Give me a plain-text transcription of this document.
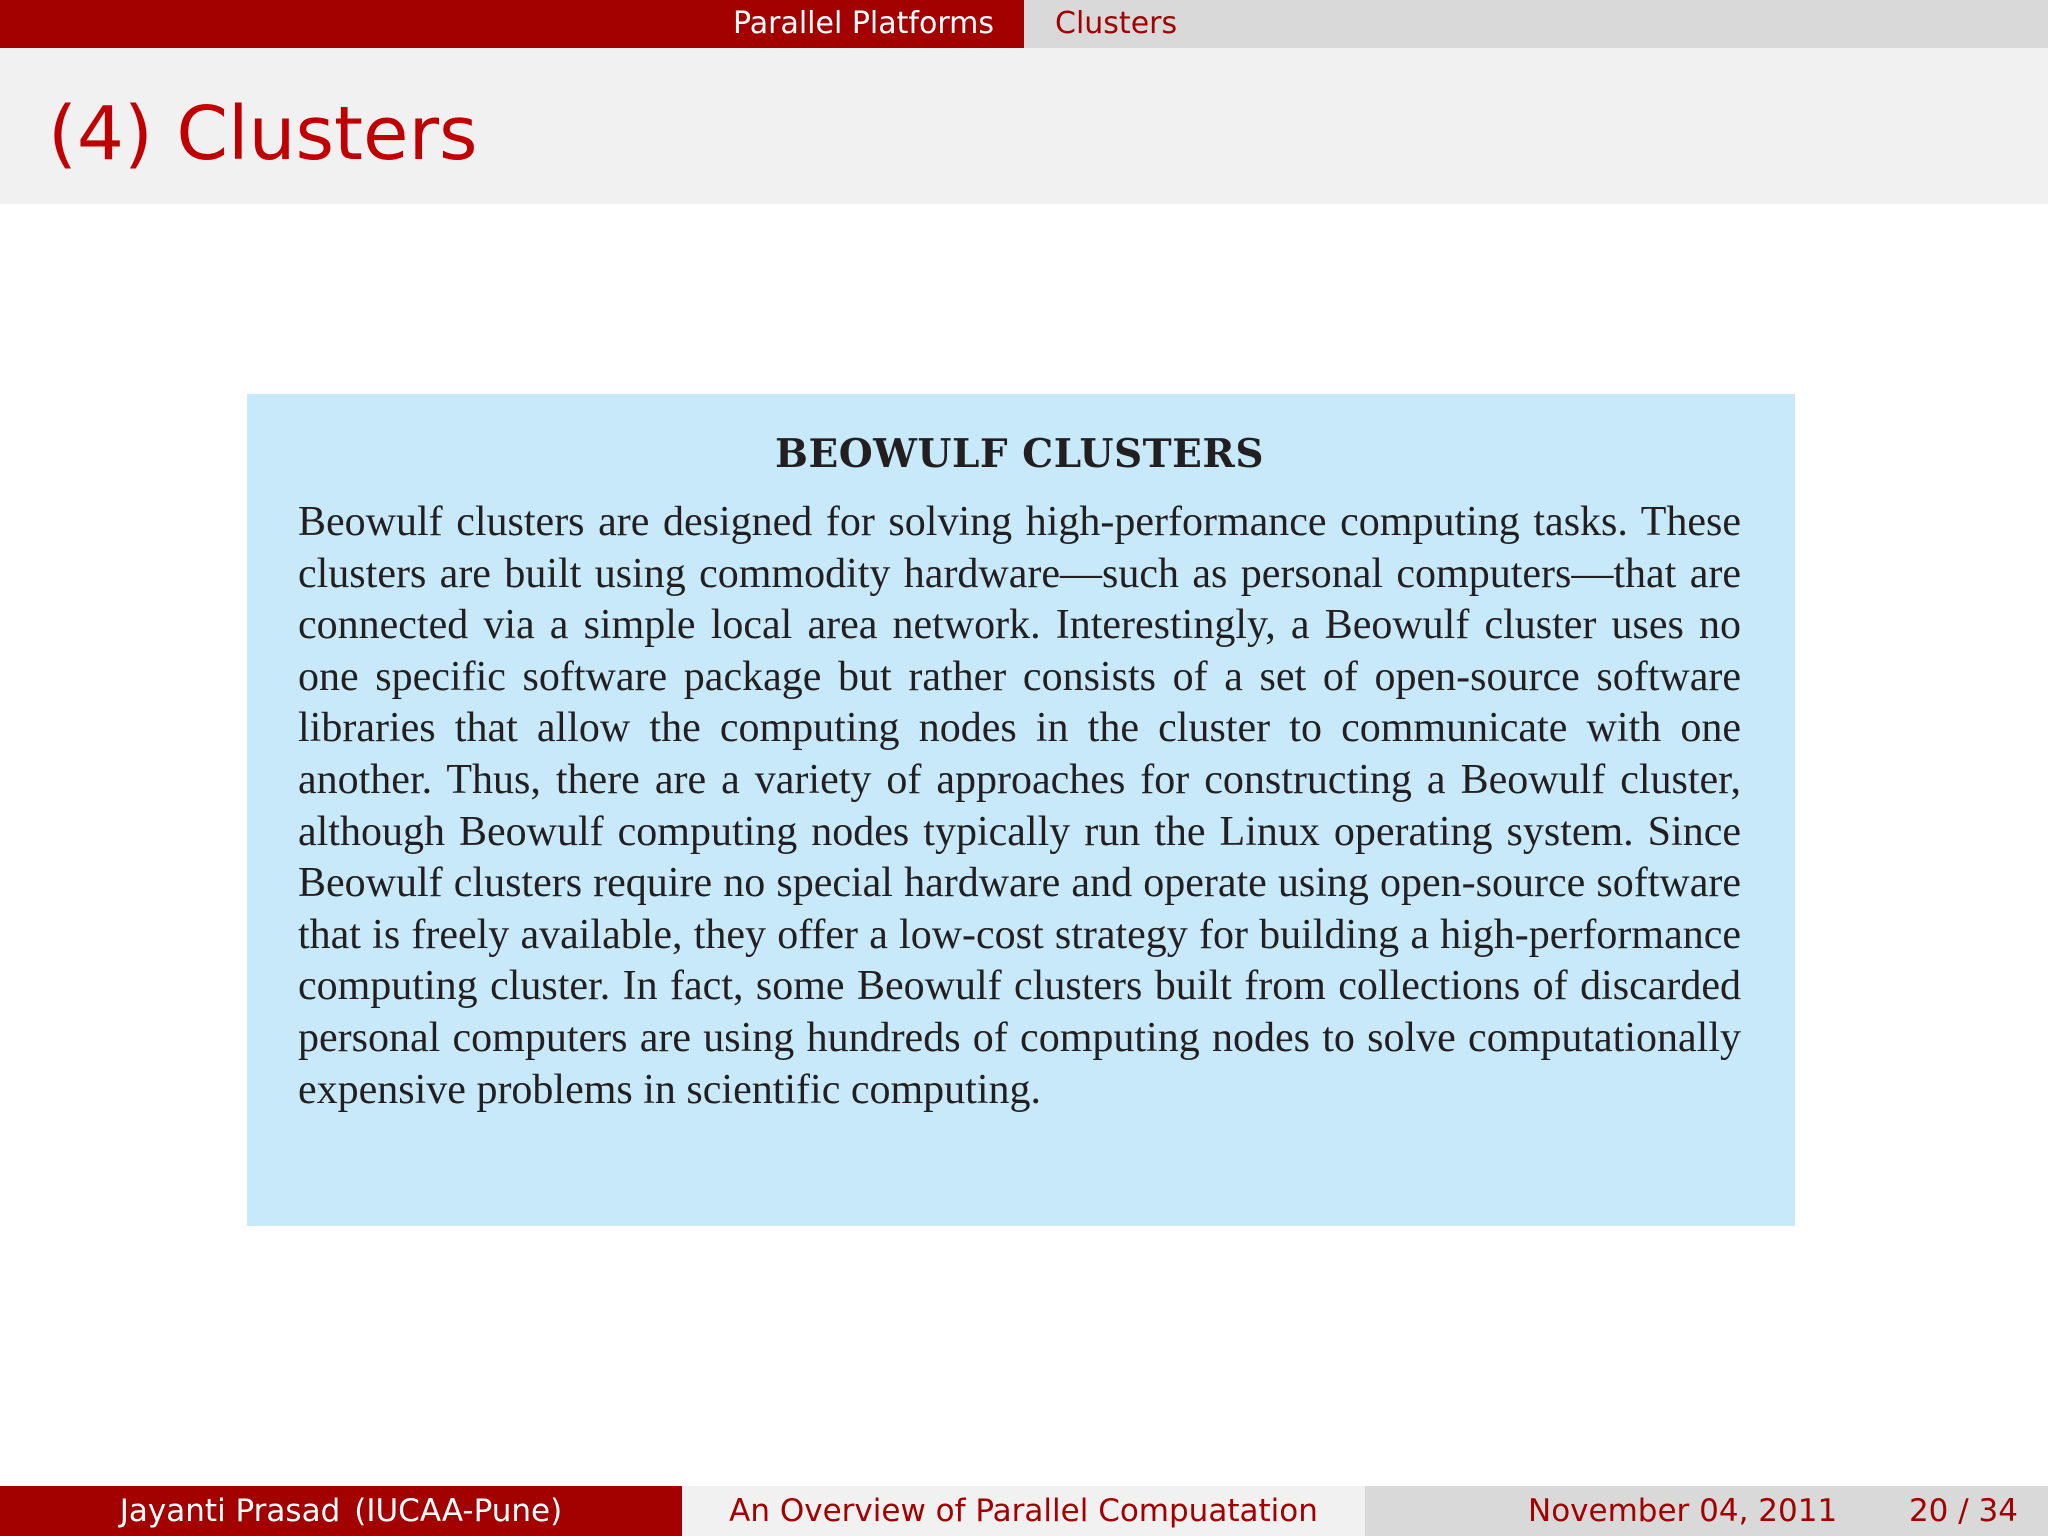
Parallel Platforms Clusters
(4) Clusters
BEOWULF CLUSTERS

Beowulf clusters are designed for solving high-performance computing tasks. These clusters are built using commodity hardware—such as personal computers—that are connected via a simple local area network. Interestingly, a Beowulf cluster uses no one specific software package but rather consists of a set of open-source software libraries that allow the computing nodes in the cluster to communicate with one another. Thus, there are a variety of approaches for constructing a Beowulf cluster, although Beowulf computing nodes typically run the Linux operating system. Since Beowulf clusters require no special hardware and operate using open-source software that is freely available, they offer a low-cost strategy for building a high-performance computing cluster. In fact, some Beowulf clusters built from collections of discarded personal computers are using hundreds of computing nodes to solve computationally expensive problems in scientific computing.

Jayanti Prasad (IUCAA-Pune)	An Overview of Parallel Compuatation	November 04, 2011 20 / 34
